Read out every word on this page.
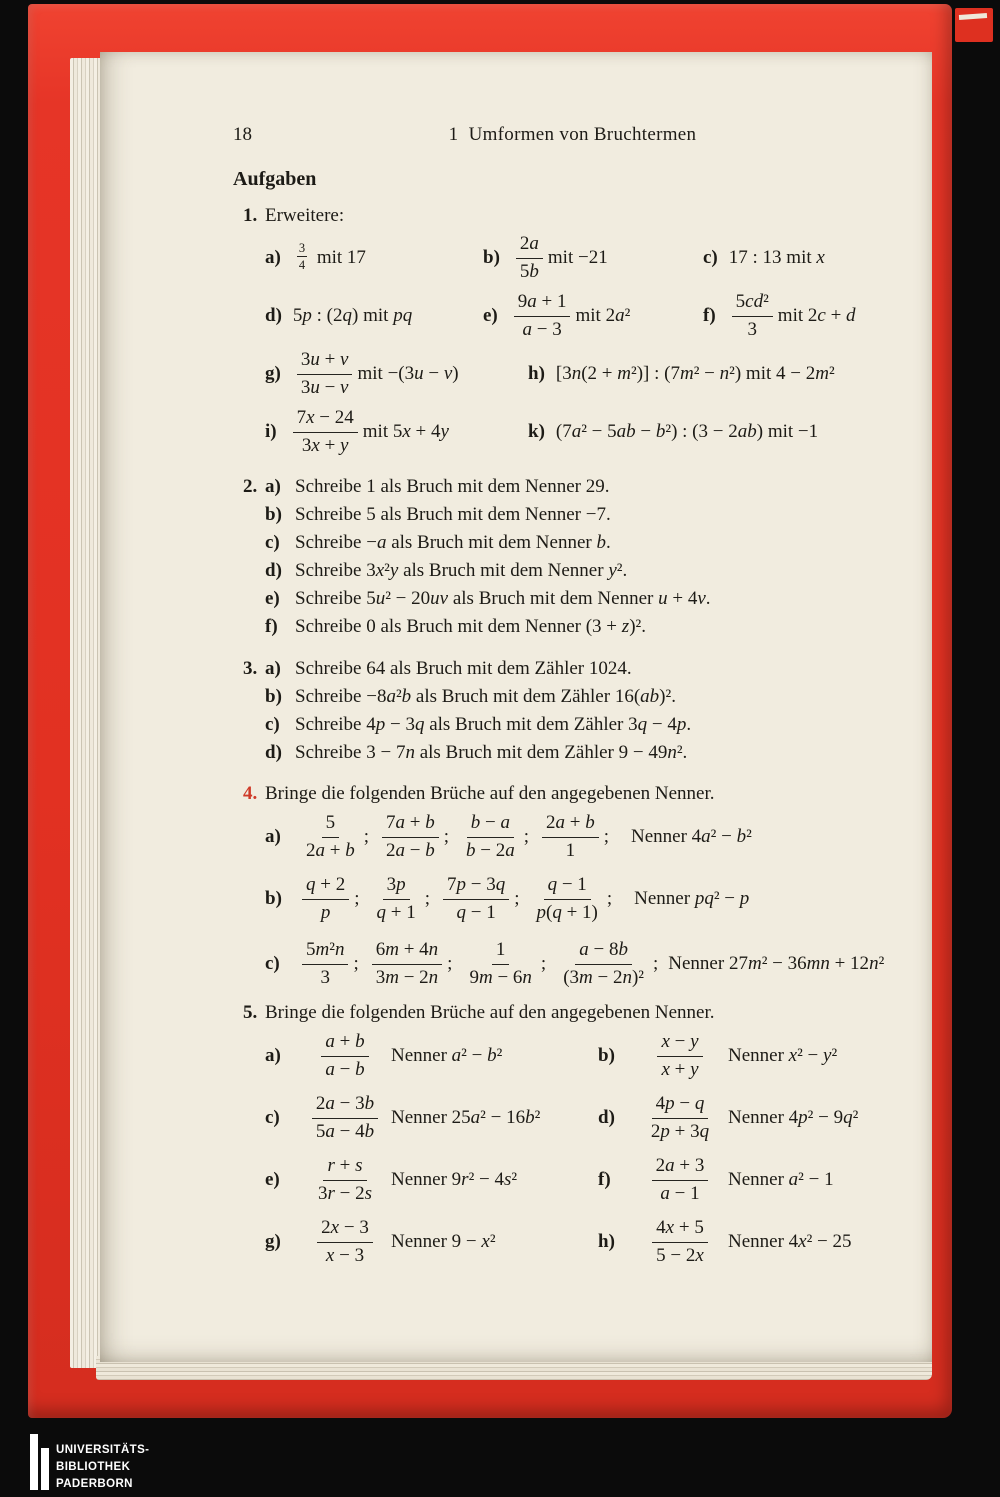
18	1  Umformen von Bruchtermen
Aufgaben
1. Erweitere:
$a) \frac{3}{4}$ mit 17	$b) \frac{2a}{5b}$ mit −21	c) 17 : 13 mit x
d) 5p : (2q) mit pq	$e) \frac{9a + 1}{a - 3}$ mit 2a²	$f) \frac{\text{5cd²}}{3}$ mit 2c + d
$g) \frac{3u + v}{3u - v}$ mit −(3u − v)	h) [3n(2 + m²)] : (7m² − n²) mit 4 − 2m²
$i) \frac{7x - 24}{3x + y}$ mit 5x + 4y	k) (7a² − 5ab − b²) : (3 − 2ab) mit −1
2. a) Schreibe 1 als Bruch mit dem Nenner 29.
b) Schreibe 5 als Bruch mit dem Nenner −7.
c) Schreibe −a als Bruch mit dem Nenner b .
d) Schreibe 3x²y als Bruch mit dem Nenner y² .
e) Schreibe 5u² − 20uv als Bruch mit dem Nenner u + 4v .
f) Schreibe 0 als Bruch mit dem Nenner (3 + z)² .
3. a) Schreibe 64 als Bruch mit dem Zähler 1024.
b) Schreibe −8a²b als Bruch mit dem Zähler 16(ab)² .
c) Schreibe 4p − 3q als Bruch mit dem Zähler 3q − 4p .
d) Schreibe 3 − 7n als Bruch mit dem Zähler 9 − 49n² .
4. Bringe die folgenden Brüche auf den angegebenen Nenner.
a)	$\frac{5}{2a + b}$ ; $\frac{7a + b}{2a - b}$ ; $\frac{b - a}{b - 2a}$ ; $\frac{2a + b}{1}$ ; Nenner 4a² − b²
b)	$\frac{q + 2}{p}$ ; $\frac{3p}{q + 1}$ ; $\frac{7p - 3q}{q - 1}$ ; $\frac{q - 1}{p(q + 1)}$ ; Nenner pq² − p
c)	$\frac{\text{5m²n}}{3}$ ; $\frac{6m + 4n}{3m - 2n}$ ; $\frac{1}{9m - 6n}$ ; $\frac{a - 8b}{\text{(3m − 2n)²}}$ ; Nenner 27m² − 36mn + 12n²
5. Bringe die folgenden Brüche auf den angegebenen Nenner.
a)	$\frac{a + b}{a - b}$ Nenner a² − b²	b)	$\frac{x - y}{x + y}$ Nenner x² − y²
c)	$\frac{2a - 3b}{5a - 4b}$ Nenner 25a² − 16b²	d)	$\frac{4p - q}{2p + 3q}$ Nenner 4p² − 9q²
e)	$\frac{r + s}{3r - 2s}$ Nenner 9r² − 4s²	f)	$\frac{2a + 3}{a - 1}$ Nenner a² − 1
g)	$\frac{2x - 3}{x - 3}$ Nenner 9 − x²	h)	$\frac{4x + 5}{5 - 2x}$ Nenner 4x² − 25
UNIVERSITÄTS-
BIBLIOTHEK
PADERBORN
